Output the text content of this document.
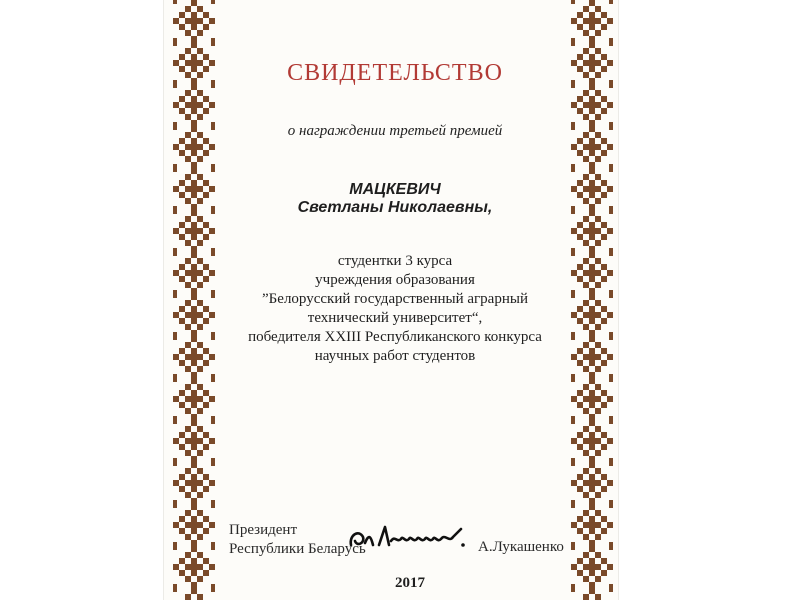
СВИДЕТЕЛЬСТВО
о награждении третьей премией
МАЦКЕВИЧ
Светланы Николаевны,
студентки 3 курса
учреждения образования
”Белорусский государственный аграрный
технический университет“,
победителя XXIII Республиканского конкурса
научных работ студентов
Президент
Республики Беларусь	А.Лукашенко
2017
